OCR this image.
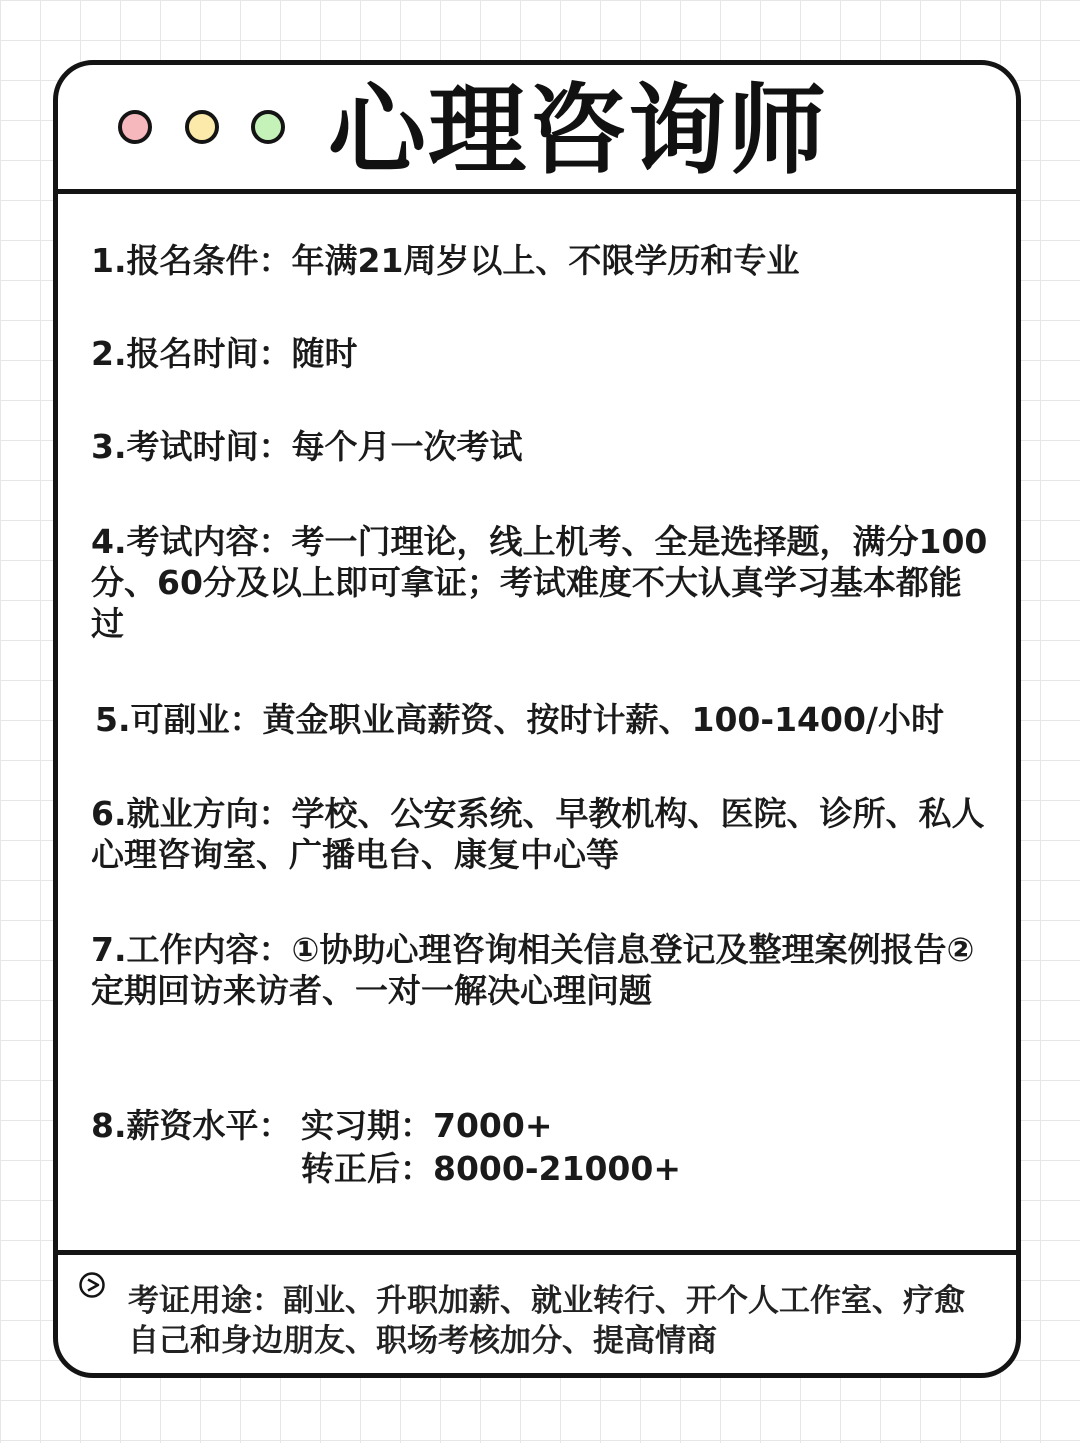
心理咨询师
1.报名条件：年满21周岁以上、不限学历和专业
2.报名时间：随时
3.考试时间：每个月一次考试
4.考试内容：考一门理论，线上机考、全是选择题，满分100分、60分及以上即可拿证；考试难度不大认真学习基本都能过
5.可副业：黄金职业高薪资、按时计薪、100-1400/小时
6.就业方向：学校、公安系统、早教机构、医院、诊所、私人心理咨询室、广播电台、康复中心等
7.工作内容：①协助心理咨询相关信息登记及整理案例报告②定期回访来访者、一对一解决心理问题
8.薪资水平： 实习期：7000+
转正后：8000-21000+
考证用途：副业、升职加薪、就业转行、开个人工作室、疗愈自己和身边朋友、职场考核加分、提高情商
